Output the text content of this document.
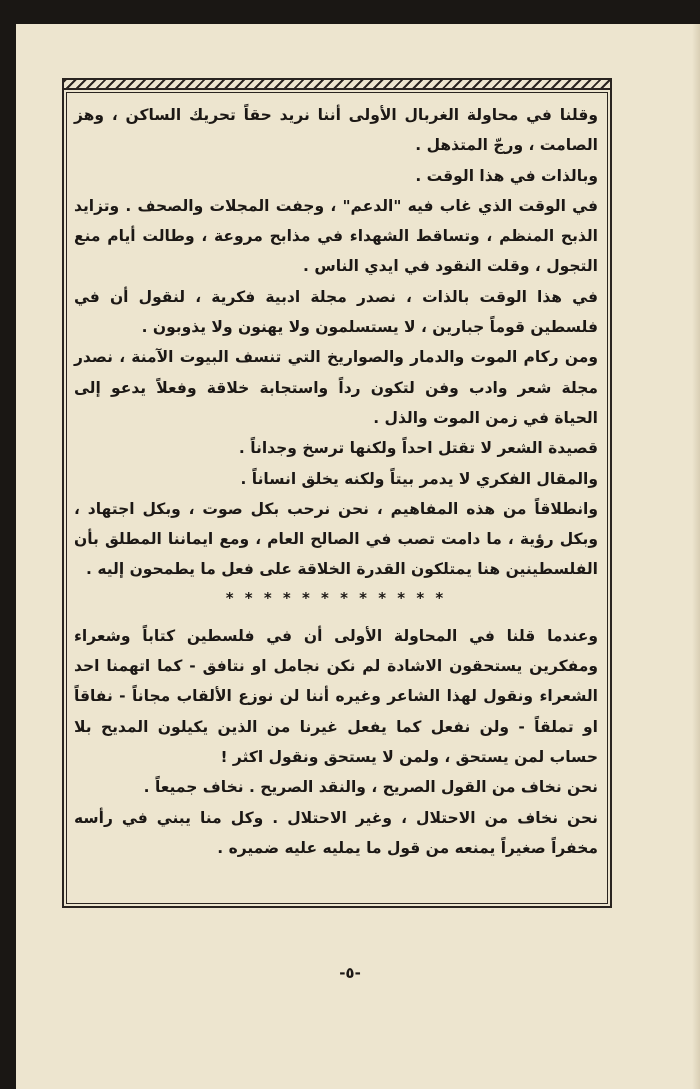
وقلنا في محاولة الغربال الأولى أننا نريد حقاً تحريك الساكن ، وهز الصامت ، ورجّ المتذهل .

وبالذات في هذا الوقت .

في الوقت الذي غاب فيه "الدعم" ، وجفت المجلات والصحف . وتزايد الذبح المنظم ، وتساقط الشهداء في مذابح مروعة ، وطالت أيام منع التجول ، وقلت النقود في ايدي الناس .

في هذا الوقت بالذات ، نصدر مجلة ادبية فكرية ، لنقول أن في فلسطين قوماً جبارين ، لا يستسلمون ولا يهنون ولا يذوبون .

ومن ركام الموت والدمار والصواريخ التي تنسف البيوت الآمنة ، نصدر مجلة شعر وادب وفن لتكون رداً واستجابة خلاقة وفعلاً يدعو إلى الحياة في زمن الموت والذل .

قصيدة الشعر لا تقتل احداً ولكنها ترسخ وجداناً .

والمقال الفكري لا يدمر بيتاً ولكنه يخلق انساناً .

وانطلاقاً من هذه المفاهيم ، نحن نرحب بكل صوت ، وبكل اجتهاد ، وبكل رؤية ، ما دامت تصب في الصالح العام ، ومع ايماننا المطلق بأن الفلسطينين هنا يمتلكون القدرة الخلاقة على فعل ما يطمحون إليه .

* * * * * * * * * * * *

وعندما قلنا في المحاولة الأولى أن في فلسطين كتاباً وشعراء ومفكرين يستحقون الاشادة لم نكن نجامل او نتافق - كما اتهمنا احد الشعراء ونقول لهذا الشاعر وغيره أننا لن نوزع الألقاب مجاناً - نفاقاً او تملقاً - ولن نفعل كما يفعل غيرنا من الذين يكيلون المديح بلا حساب لمن يستحق ، ولمن لا يستحق ونقول اكثر !

نحن نخاف من القول الصريح ، والنقد الصريح . نخاف جميعاً .

نحن نخاف من الاحتلال ، وغير الاحتلال . وكل منا يبني في رأسه مخفراً صغيراً يمنعه من قول ما يمليه عليه ضميره .

-٥-
